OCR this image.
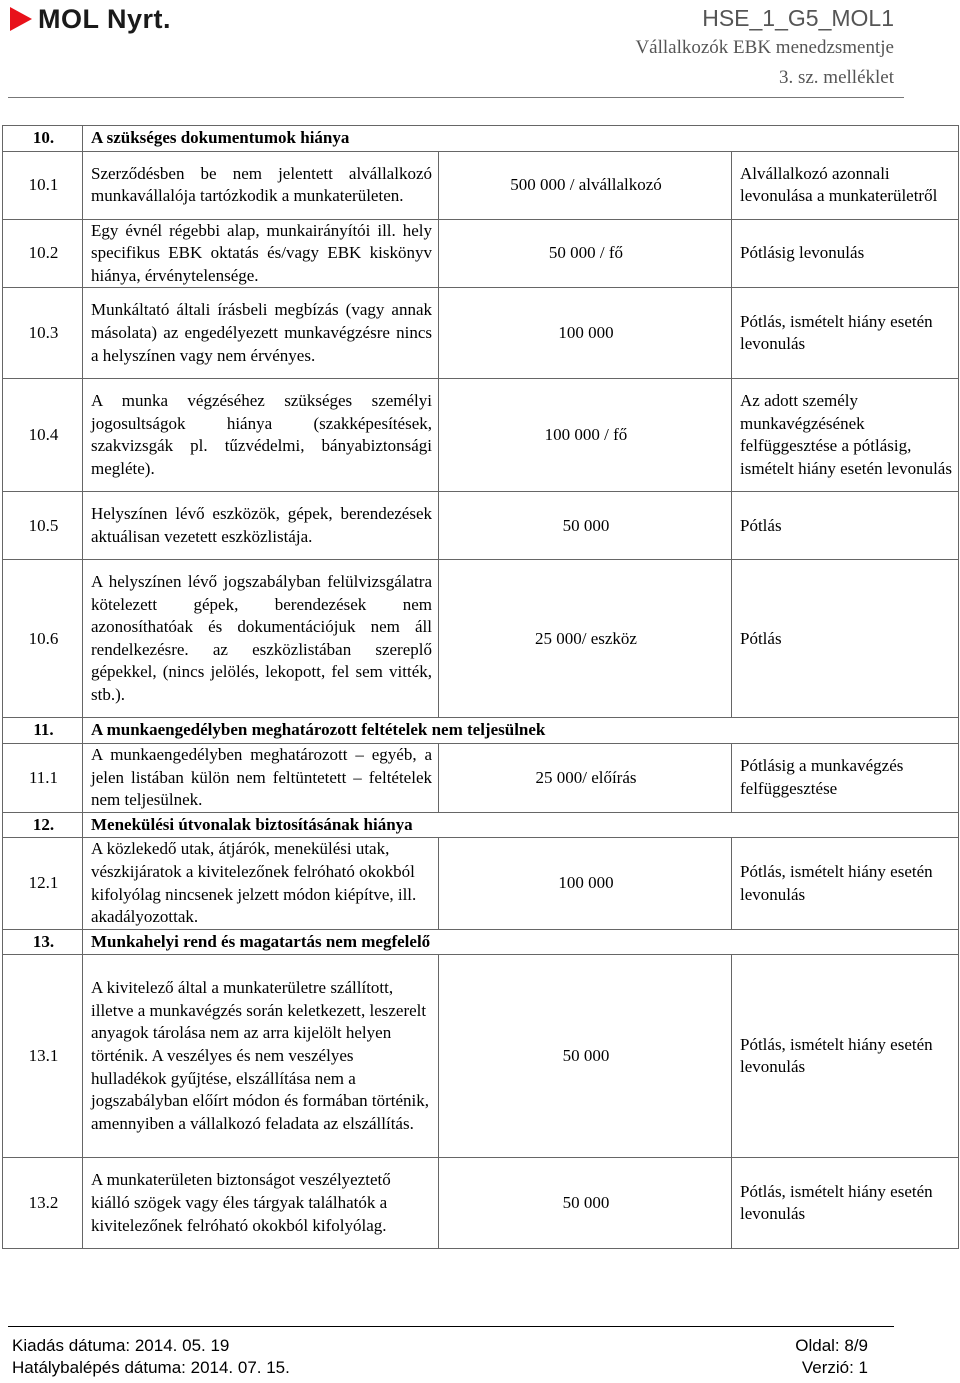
MOL Nyrt.	HSE_1_G5_MOL1
Vállalkozók EBK menedzsmentje
3. sz. melléklet
10.	A szükséges dokumentumok hiánya		
10.1	Szerződésben be nem jelentett alvállalkozó munkavállalója tartózkodik a munkaterületen.	500 000 / alvállalkozó	Alvállalkozó azonnali levonulása a munkaterületről
10.2	Egy évnél régebbi alap, munkairányítói ill. hely specifikus EBK oktatás és/vagy EBK kiskönyv hiánya, érvénytelensége.	50 000 / fő	Pótlásig levonulás
10.3	Munkáltató általi írásbeli megbízás (vagy annak másolata) az engedélyezett munkavégzésre nincs a helyszínen vagy nem érvényes.	100 000	Pótlás, ismételt hiány esetén levonulás
10.4	A munka végzéséhez szükséges személyi jogosultságok hiánya (szakképesítések, szakvizsgák pl. tűzvédelmi, bányabiztonsági megléte).	100 000 / fő	Az adott személy munkavégzésének felfüggesztése a pótlásig, ismételt hiány esetén levonulás
10.5	Helyszínen lévő eszközök, gépek, berendezések aktuálisan vezetett eszközlistája.	50 000	Pótlás
10.6	A helyszínen lévő jogszabályban felülvizsgálatra kötelezett gépek, berendezések nem azonosíthatóak és dokumentációjuk nem áll rendelkezésre. az eszközlistában szereplő gépekkel, (nincs jelölés, lekopott, fel sem vitték, stb.).	25 000/ eszköz	Pótlás
11.	A munkaengedélyben meghatározott feltételek nem teljesülnek		
11.1	A munkaengedélyben meghatározott – egyéb, a jelen listában külön nem feltüntetett – feltételek nem teljesülnek.	25 000/ előírás	Pótlásig a munkavégzés felfüggesztése
12.	Menekülési útvonalak biztosításának hiánya		
12.1	A közlekedő utak, átjárók, menekülési utak, vészkijáratok a kivitelezőnek felróható okokból kifolyólag nincsenek jelzett módon kiépítve, ill. akadályozottak.	100 000	Pótlás, ismételt hiány esetén levonulás
13.	Munkahelyi rend és magatartás nem megfelelő		
13.1	A kivitelező által a munkaterületre szállított, illetve a munkavégzés során keletkezett, leszerelt anyagok tárolása nem az arra kijelölt helyen történik. A veszélyes és nem veszélyes hulladékok gyűjtése, elszállítása nem a jogszabályban előírt módon és formában történik, amennyiben a vállalkozó feladata az elszállítás.	50 000	Pótlás, ismételt hiány esetén levonulás
13.2	A munkaterületen biztonságot veszélyeztető kiálló szögek vagy éles tárgyak találhatók a kivitelezőnek felróható okokból kifolyólag.	50 000	Pótlás, ismételt hiány esetén levonulás
Kiadás dátuma: 2014. 05. 19
Hatálybalépés dátuma: 2014. 07. 15.
Oldal: 8/9
Verzió: 1
